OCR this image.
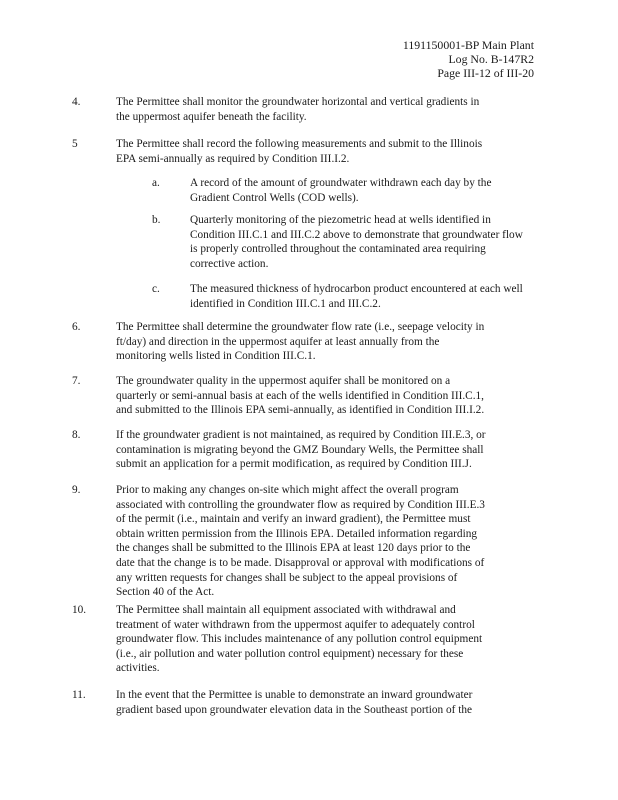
1191150001-BP Main Plant
Log No. B-147R2
Page III-12 of III-20
4.	The Permittee shall monitor the groundwater horizontal and vertical gradients in

the uppermost aquifer beneath the facility.

5	The Permittee shall record the following measurements and submit to the Illinois

EPA semi-annually as required by Condition III.I.2.

a.	A record of the amount of groundwater withdrawn each day by the

Gradient Control Wells (COD wells).

b.	Quarterly monitoring of the piezometric head at wells identified in

Condition III.C.1 and III.C.2 above to demonstrate that groundwater flow

is properly controlled throughout the contaminated area requiring

corrective action.

c.	The measured thickness of hydrocarbon product encountered at each well

identified in Condition III.C.1 and III.C.2.

6.	The Permittee shall determine the groundwater flow rate (i.e., seepage velocity in

ft/day) and direction in the uppermost aquifer at least annually from the

monitoring wells listed in Condition III.C.1.

7.	The groundwater quality in the uppermost aquifer shall be monitored on a

quarterly or semi-annual basis at each of the wells identified in Condition III.C.1,

and submitted to the Illinois EPA semi-annually, as identified in Condition III.I.2.

8.	If the groundwater gradient is not maintained, as required by Condition III.E.3, or

contamination is migrating beyond the GMZ Boundary Wells, the Permittee shall

submit an application for a permit modification, as required by Condition III.J.

9.	Prior to making any changes on-site which might affect the overall program

associated with controlling the groundwater flow as required by Condition III.E.3

of the permit (i.e., maintain and verify an inward gradient), the Permittee must

obtain written permission from the Illinois EPA. Detailed information regarding

the changes shall be submitted to the Illinois EPA at least 120 days prior to the

date that the change is to be made. Disapproval or approval with modifications of

any written requests for changes shall be subject to the appeal provisions of

Section 40 of the Act.

10.	The Permittee shall maintain all equipment associated with withdrawal and

treatment of water withdrawn from the uppermost aquifer to adequately control

groundwater flow. This includes maintenance of any pollution control equipment

(i.e., air pollution and water pollution control equipment) necessary for these

activities.

11.	In the event that the Permittee is unable to demonstrate an inward groundwater

gradient based upon groundwater elevation data in the Southeast portion of the
